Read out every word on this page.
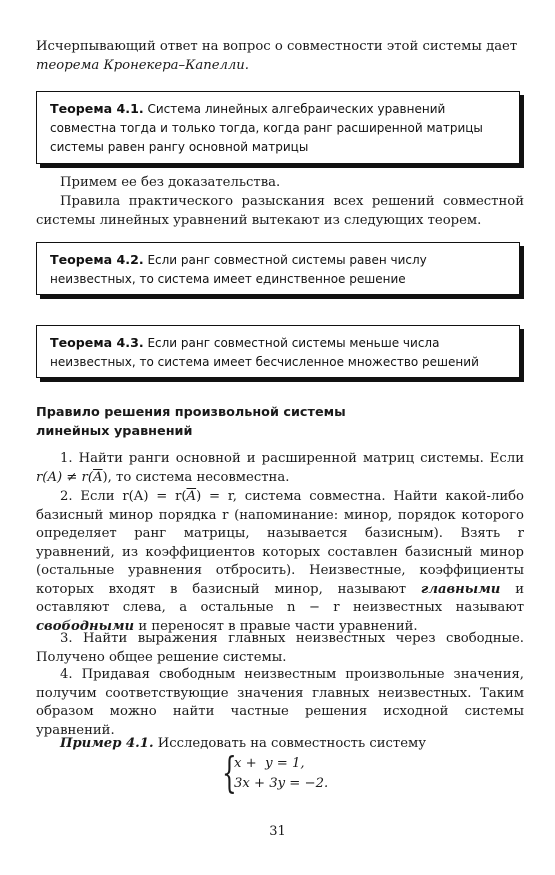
Исчерпывающий ответ на вопрос о совместности этой системы дает теорема Кронекера–Капелли.
Теорема 4.1. Система линейных алгебраических уравнений совместна тогда и только тогда, когда ранг расширенной матрицы системы равен рангу основной матрицы
Примем ее без доказательства.
Правила практического разыскания всех решений совместной системы линейных уравнений вытекают из следующих теорем.
Теорема 4.2. Если ранг совместной системы равен числу неизвестных, то система имеет единственное решение
Теорема 4.3. Если ранг совместной системы меньше числа неизвестных, то система имеет бесчисленное множество решений
Правило решения произвольной системы
линейных уравнений
1. Найти ранги основной и расширенной матриц системы. Если $r(A) \ne r(\overline{A})$, то система несовместна.
2. Если $r(A) = r(\overline{A}) = r$, система совместна. Найти какой-либо базисный минор порядка r (напоминание: минор, порядок которого определяет ранг матрицы, называется базисным). Взять r уравнений, из коэффициентов которых составлен базисный минор (остальные уравнения отбросить). Неизвестные, коэффициенты которых входят в базисный минор, называют главными и оставляют слева, а остальные n − r неизвестных называют свободными и переносят в правые части уравнений.
3. Найти выражения главных неизвестных через свободные. Получено общее решение системы.
4. Придавая свободным неизвестным произвольные значения, получим соответствующие значения главных неизвестных. Таким образом можно найти частные решения исходной системы уравнений.
Пример 4.1. Исследовать на совместность систему
{
x +  y = 1,
3x + 3y = −2.
31
